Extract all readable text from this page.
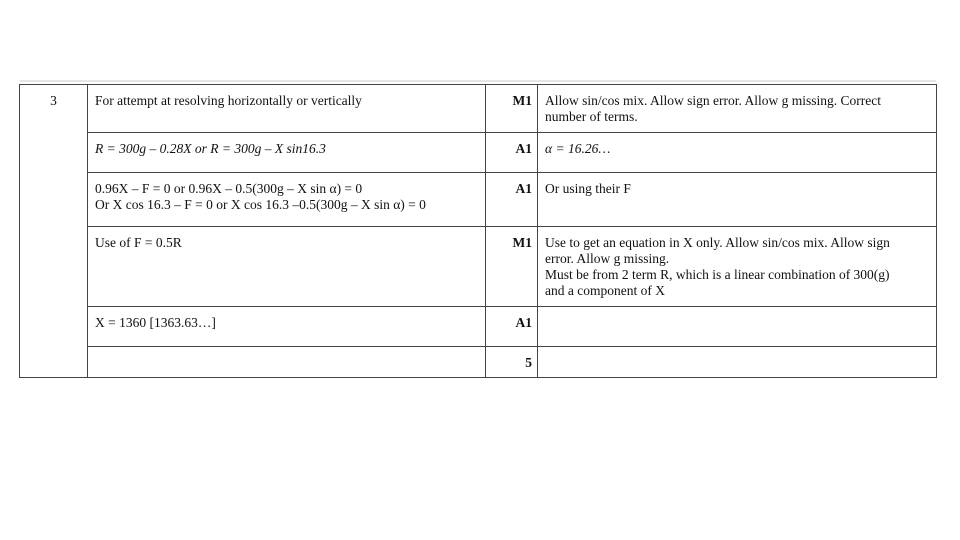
3	For attempt at resolving horizontally or vertically	M1	Allow sin/cos mix. Allow sign error. Allow g missing. Correct
number of terms.

	R = 300g – 0.28X or R = 300g – X sin16.3	A1	α = 16.26…

	0.96X – F = 0 or 0.96X – 0.5(300g – X sin α) = 0
Or X cos 16.3 – F = 0 or X cos 16.3 –0.5(300g – X sin α) = 0	A1	Or using their F

	Use of F = 0.5R	M1	Use to get an equation in X only. Allow sin/cos mix. Allow sign
error. Allow g missing.
Must be from 2 term R, which is a linear combination of 300(g)
and a component of X

	X = 1360 [1363.63…]	A1	

		5	
